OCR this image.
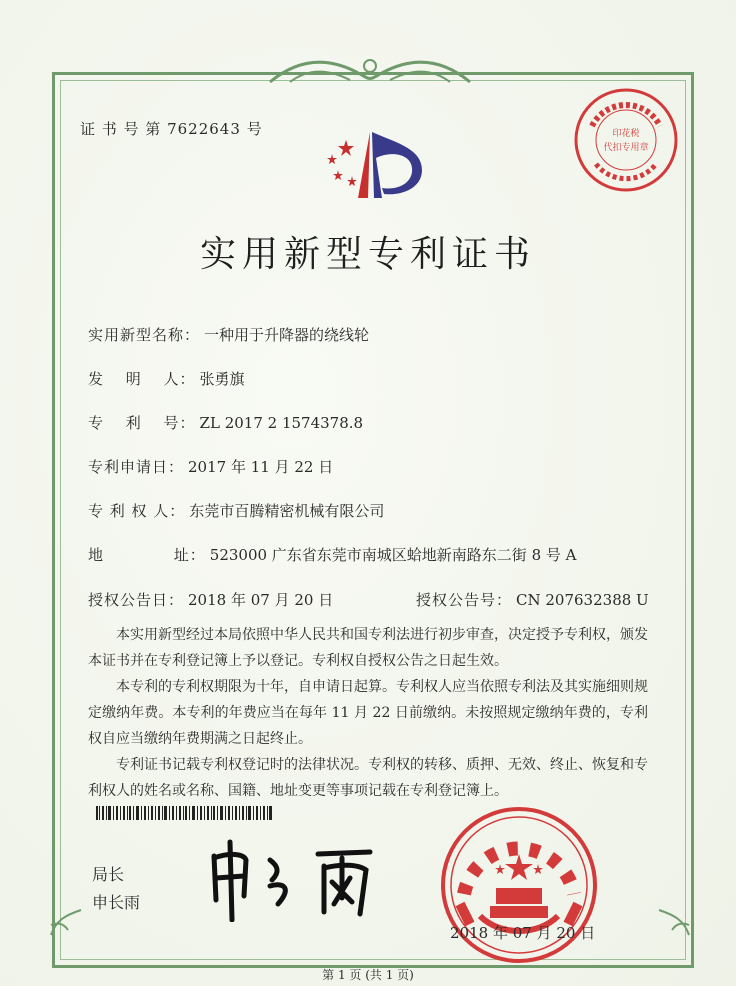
证 书 号 第 7622643 号
实用新型专利证书
实用新型名称： 一种用于升降器的绕线轮
发　 明　 人： 张勇旗
专　 利　 号： ZL 2017 2 1574378.8
专利申请日： 2017 年 11 月 22 日
专 利 权 人： 东莞市百腾精密机械有限公司
地　　　　 址： 523000 广东省东莞市南城区蛤地新南路东二街 8 号 A
授权公告日： 2018 年 07 月 20 日	授权公告号： CN 207632388 U

本实用新型经过本局依照中华人民共和国专利法进行初步审查，决定授予专利权，颁发本证书并在专利登记簿上予以登记。专利权自授权公告之日起生效。

本专利的专利权期限为十年，自申请日起算。专利权人应当依照专利法及其实施细则规定缴纳年费。本专利的年费应当在每年 11 月 22 日前缴纳。未按照规定缴纳年费的，专利权自应当缴纳年费期满之日起终止。

专利证书记载专利权登记时的法律状况。专利权的转移、质押、无效、终止、恢复和专利权人的姓名或名称、国籍、地址变更等事项记载在专利登记簿上。

局长
申长雨
印花税
代扣专用章
2018 年 07 月 20 日
第 1 页 (共 1 页)
